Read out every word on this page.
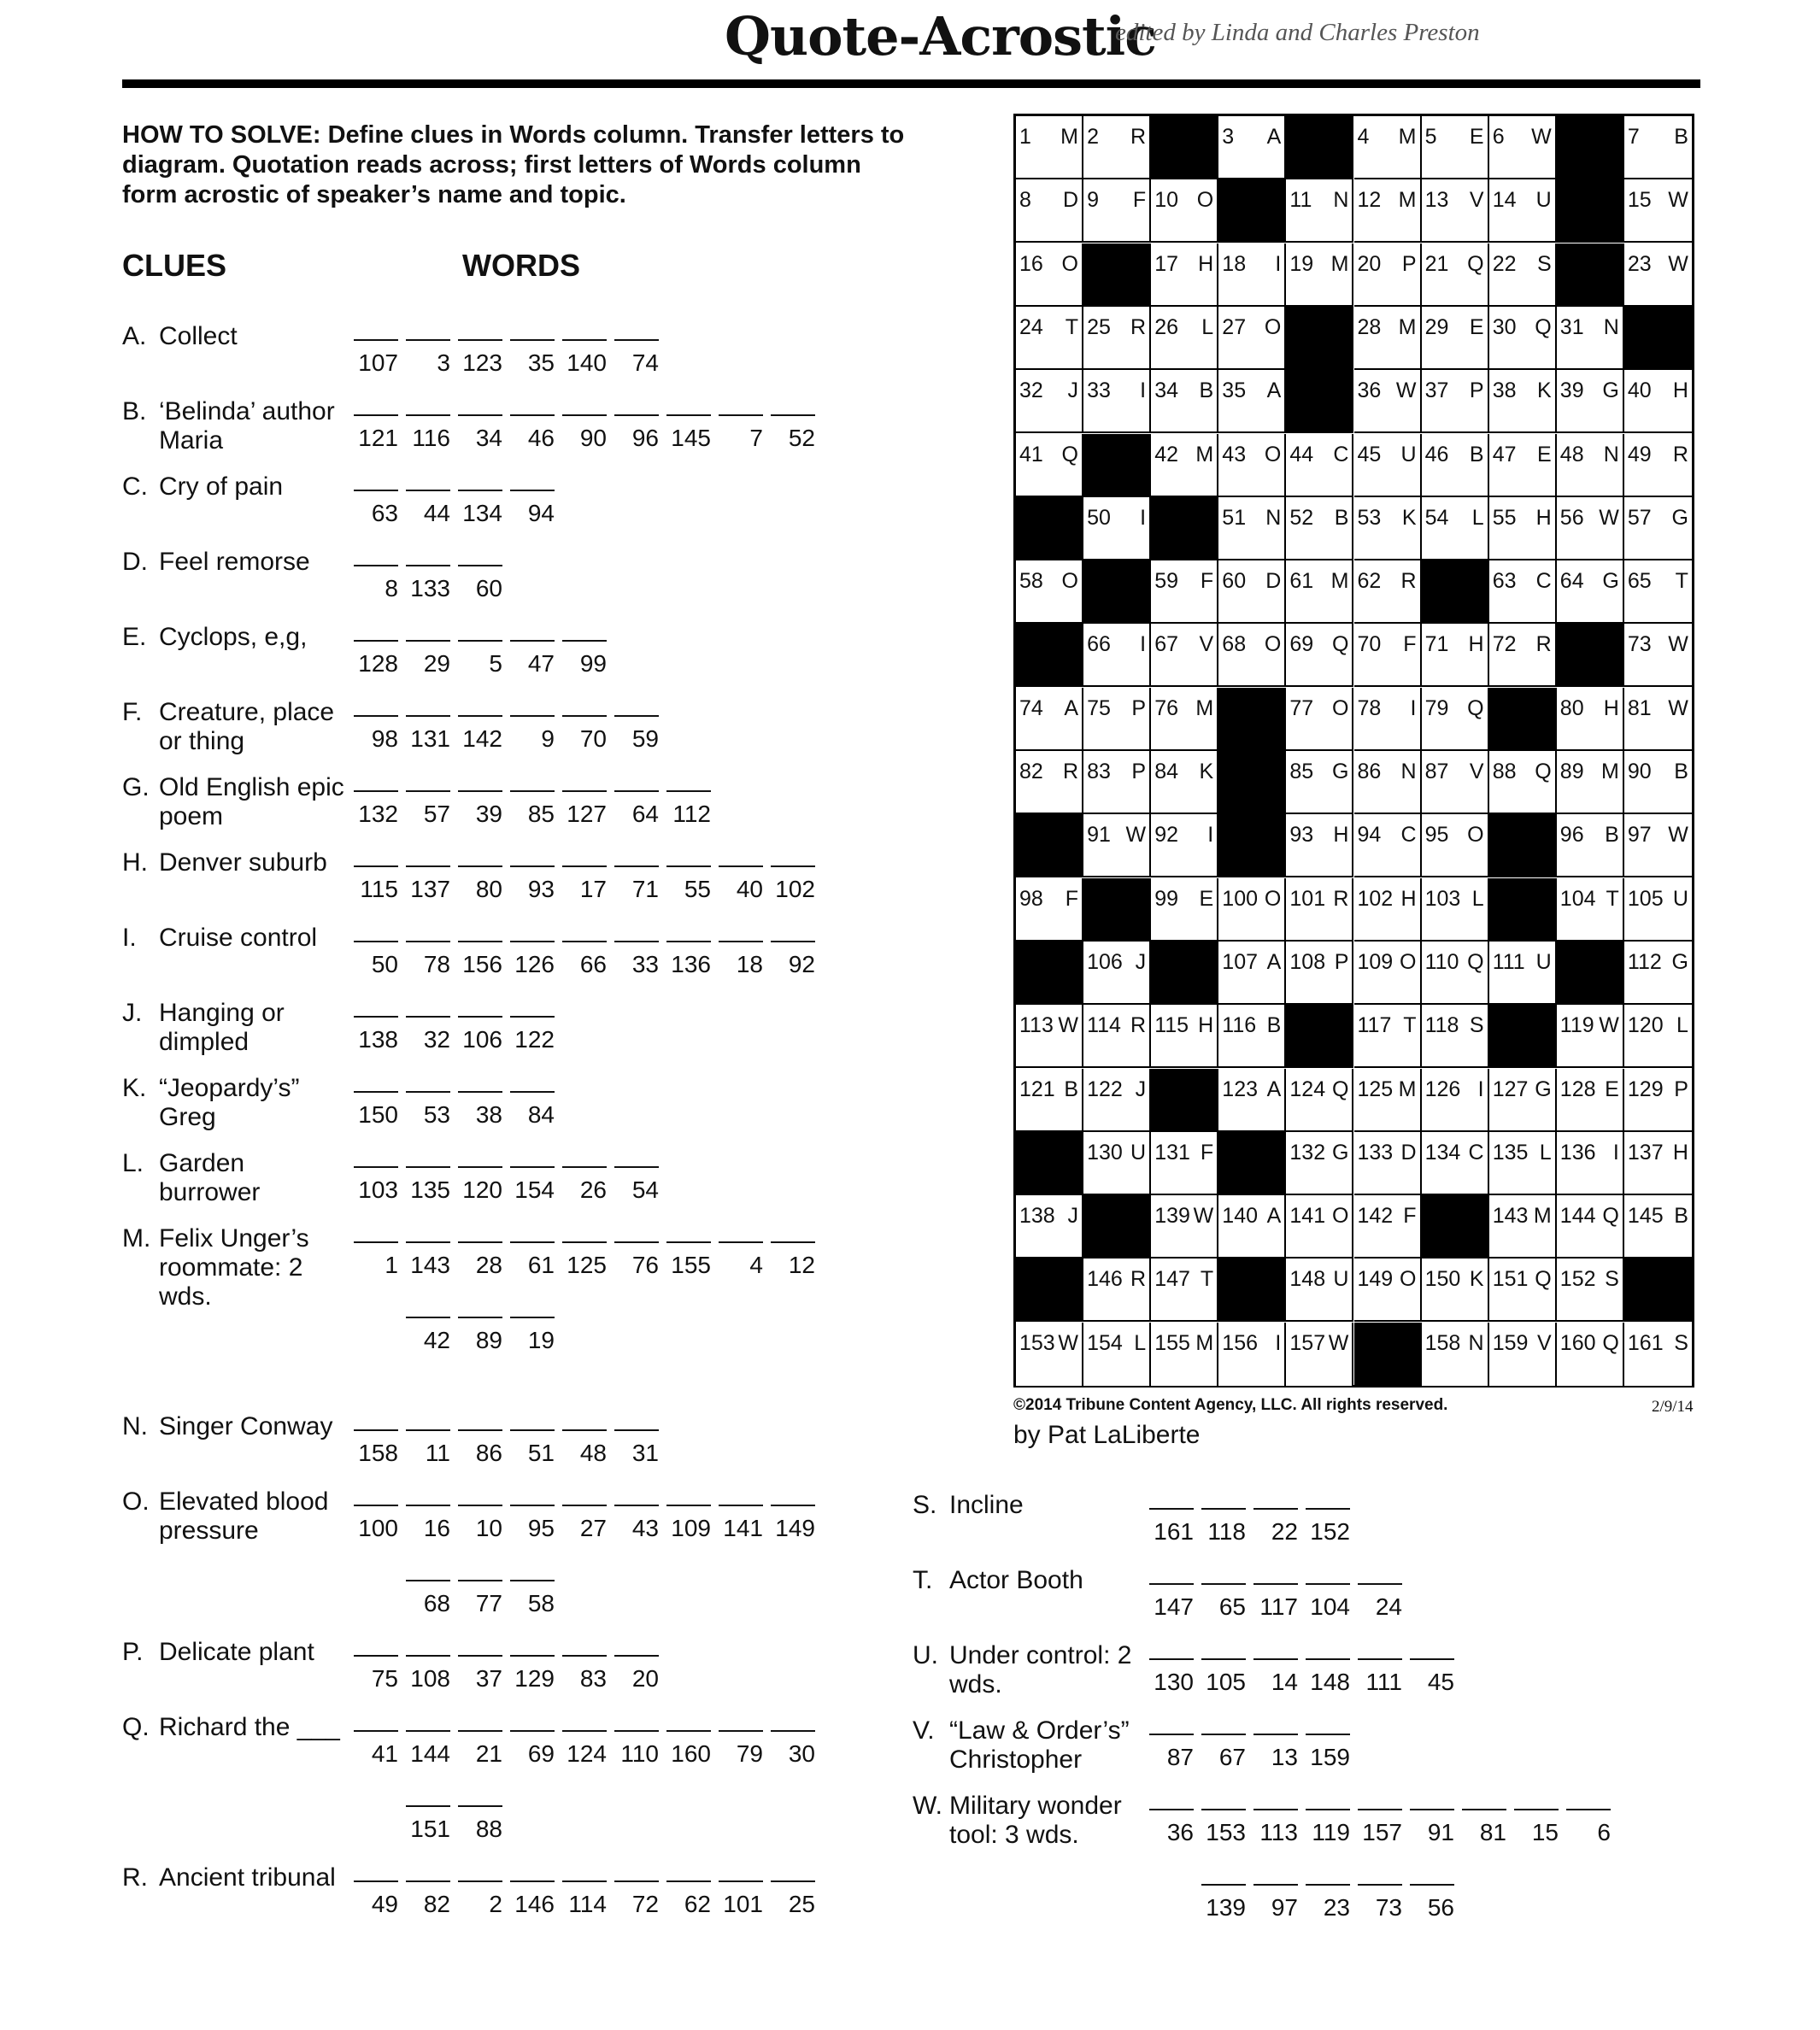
Quote-Acrostic
edited by Linda and Charles Preston
HOW TO SOLVE: Define clues in Words column. Transfer letters to diagram. Quotation reads across; first letters of Words column form acrostic of speaker’s name and topic.
CLUES	WORDS
A. Collect
107 3 123 35 140 74
B. ‘Belinda’ author Maria	121 116 34 46 90 96 145 7 52
C. Cry of pain
63 44 134 94
D. Feel remorse
8 133 60
E. Cyclops, e,g,
128 29 5 47 99
F. Creature, place or thing	98 131 142 9 70 59
G. Old English epic poem	132 57 39 85 127 64 112
H. Denver suburb
115 137 80 93 17 71 55 40 102
I. Cruise control
50 78 156 126 66 33 136 18 92
J. Hanging or dimpled	138 32 106 122
K. “Jeopardy’s” Greg	150 53 38 84
L. Garden burrower	103 135 120 154 26 54
M. Felix Unger’s roommate: 2 wds.
1 143 28 61 125 76 155 4 12
42 89 19
N. Singer Conway
158 11 86 51 48 31
O. Elevated blood pressure	100 16 10 95 27 43 109 141 149
68 77 58
P. Delicate plant
75 108 37 129 83 20
Q. Richard the ___
41 144 21 69 124 110 160 79 30
151 88
R. Ancient tribunal
49 82 2 146 114 72 62 101 25
S. Incline
161 118 22 152
T. Actor Booth
147 65 117 104 24
U. Under control: 2 wds.	130 105 14 148 111 45
V. “Law & Order’s” Christopher	87 67 13 159
W. Military wonder tool: 3 wds.	36 153 113 119 157 91 81 15 6
139 97 23 73 56
1 M 2 R	3 A	4 M 5 E 6 W	7 B
8 D 9 F 10 O	11 N 12 M 13 V 14 U	15 W
16 O	17 H 18 I 19 M 20 P 21 Q 22 S	23 W
24 T 25 R 26 L 27 O	28 M 29 E 30 Q 31 N
32 J 33 I 34 B 35 A	36 W 37 P 38 K 39 G 40 H
41 Q	42 M 43 O 44 C 45 U 46 B 47 E 48 N 49 R
50 I	51 N 52 B 53 K 54 L 55 H 56 W 57 G
58 O	59 F 60 D 61 M 62 R	63 C 64 G 65 T
66 I 67 V 68 O 69 Q 70 F 71 H 72 R	73 W
74 A 75 P 76 M	77 O 78 I 79 Q	80 H 81 W
82 R 83 P 84 K	85 G 86 N 87 V 88 Q 89 M 90 B
91 W 92 I	93 H 94 C 95 O	96 B 97 W
98 F	99 E 100 O 101 R 102 H 103 L	104 T 105 U
106 J	107 A 108 P 109 O 110 Q 111 U	112 G
113 W 114 R 115 H 116 B	117 T 118 S	119 W 120 L
121 B 122 J	123 A 124 Q 125 M 126 I 127 G 128 E 129 P
130 U 131 F	132 G 133 D 134 C 135 L 136 I 137 H
138 J	139 W 140 A 141 O 142 F	143 M 144 Q 145 B
146 R 147 T	148 U 149 O 150 K 151 Q 152 S
153 W 154 L 155 M 156 I 157 W	158 N 159 V 160 Q 161 S
©2014 Tribune Content Agency, LLC. All rights reserved.	2/9/14
by Pat LaLiberte
